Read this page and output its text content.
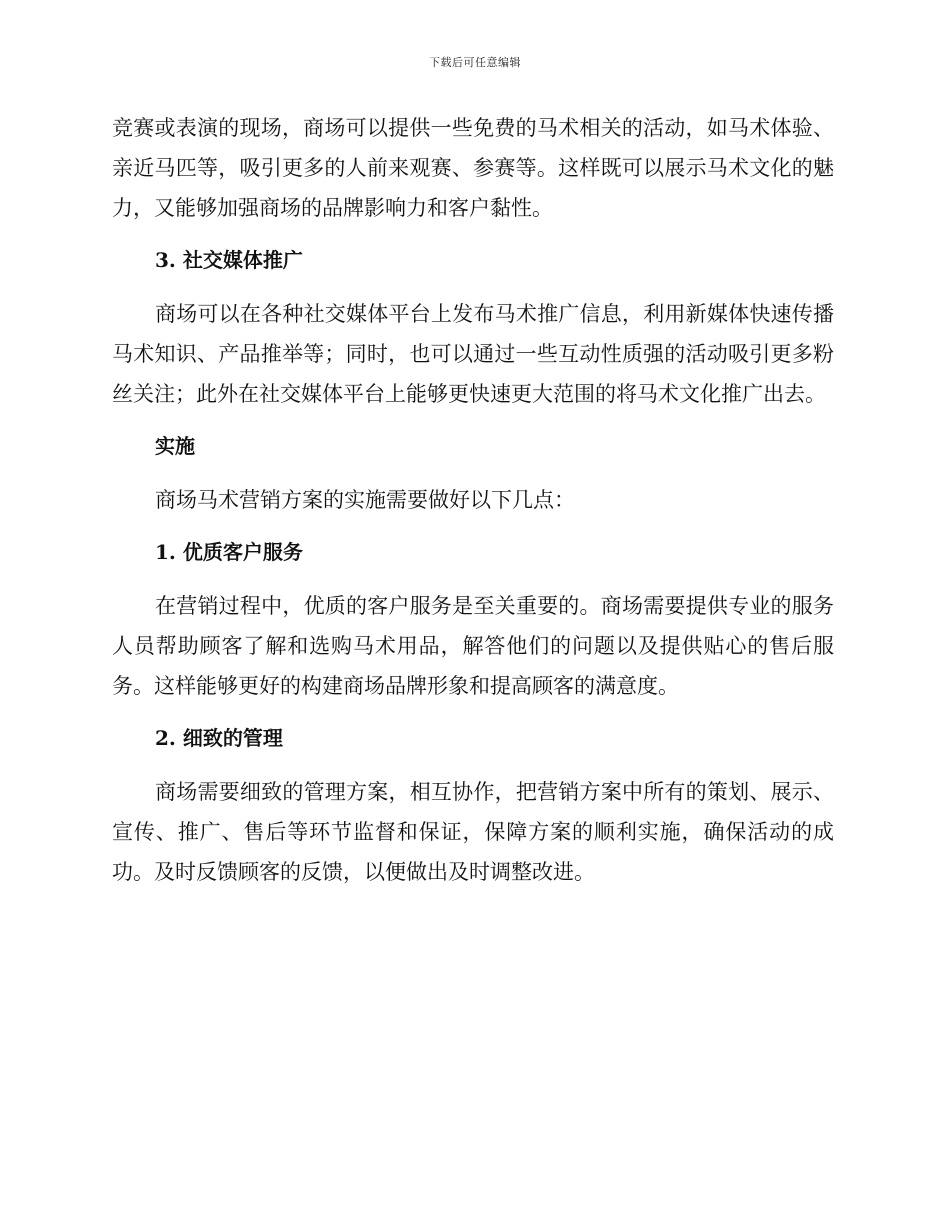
下载后可任意编辑

竞赛或表演的现场，商场可以提供一些免费的马术相关的活动，如马术体验、亲近马匹等，吸引更多的人前来观赛、参赛等。这样既可以展示马术文化的魅力，又能够加强商场的品牌影响力和客户黏性。

3. 社交媒体推广

商场可以在各种社交媒体平台上发布马术推广信息，利用新媒体快速传播马术知识、产品推举等；同时，也可以通过一些互动性质强的活动吸引更多粉丝关注；此外在社交媒体平台上能够更快速更大范围的将马术文化推广出去。

实施

商场马术营销方案的实施需要做好以下几点：

1. 优质客户服务

在营销过程中，优质的客户服务是至关重要的。商场需要提供专业的服务人员帮助顾客了解和选购马术用品，解答他们的问题以及提供贴心的售后服务。这样能够更好的构建商场品牌形象和提高顾客的满意度。

2. 细致的管理

商场需要细致的管理方案，相互协作，把营销方案中所有的策划、展示、宣传、推广、售后等环节监督和保证，保障方案的顺利实施，确保活动的成功。及时反馈顾客的反馈，以便做出及时调整改进。
